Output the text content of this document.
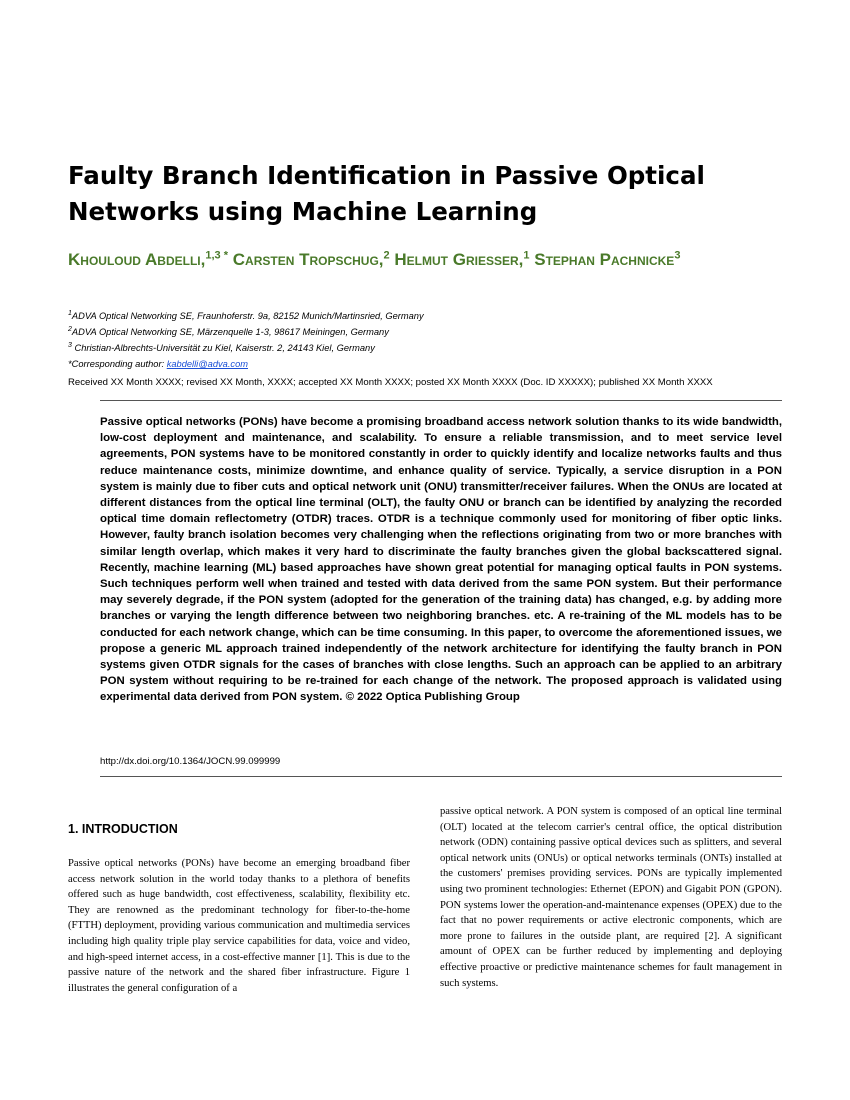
Faulty Branch Identification in Passive Optical Networks using Machine Learning
Khouloud Abdelli,$^{1,3 *}$ Carsten Tropschug,$^2$ Helmut Griesser,$^1$ Stephan Pachnicke$^3$
$^1$ADVA Optical Networking SE, Fraunhoferstr. 9a, 82152 Munich/Martinsried, Germany
$^2$ADVA Optical Networking SE, Märzenquelle 1-3, 98617 Meiningen, Germany
$^3$ Christian-Albrechts-Universität zu Kiel, Kaiserstr. 2, 24143 Kiel, Germany
*Corresponding author: kabdelli@adva.com
Received XX Month XXXX; revised XX Month, XXXX; accepted XX Month XXXX; posted XX Month XXXX (Doc. ID XXXXX); published XX Month XXXX
Passive optical networks (PONs) have become a promising broadband access network solution thanks to its wide bandwidth, low-cost deployment and maintenance, and scalability. To ensure a reliable transmission, and to meet service level agreements, PON systems have to be monitored constantly in order to quickly identify and localize networks faults and thus reduce maintenance costs, minimize downtime, and enhance quality of service. Typically, a service disruption in a PON system is mainly due to fiber cuts and optical network unit (ONU) transmitter/receiver failures. When the ONUs are located at different distances from the optical line terminal (OLT), the faulty ONU or branch can be identified by analyzing the recorded optical time domain reflectometry (OTDR) traces. OTDR is a technique commonly used for monitoring of fiber optic links. However, faulty branch isolation becomes very challenging when the reflections originating from two or more branches with similar length overlap, which makes it very hard to discriminate the faulty branches given the global backscattered signal. Recently, machine learning (ML) based approaches have shown great potential for managing optical faults in PON systems. Such techniques perform well when trained and tested with data derived from the same PON system. But their performance may severely degrade, if the PON system (adopted for the generation of the training data) has changed, e.g. by adding more branches or varying the length difference between two neighboring branches. etc. A re-training of the ML models has to be conducted for each network change, which can be time consuming. In this paper, to overcome the aforementioned issues, we propose a generic ML approach trained independently of the network architecture for identifying the faulty branch in PON systems given OTDR signals for the cases of branches with close lengths. Such an approach can be applied to an arbitrary PON system without requiring to be re-trained for each change of the network. The proposed approach is validated using experimental data derived from PON system. © 2022 Optica Publishing Group
http://dx.doi.org/10.1364/JOCN.99.099999
1. INTRODUCTION
Passive optical networks (PONs) have become an emerging broadband fiber access network solution in the world today thanks to a plethora of benefits offered such as huge bandwidth, cost effectiveness, scalability, flexibility etc. They are renowned as the predominant technology for fiber-to-the-home (FTTH) deployment, providing various communication and multimedia services including high quality triple play service capabilities for data, voice and video, and high-speed internet access, in a cost-effective manner [1]. This is due to the passive nature of the network and the shared fiber infrastructure. Figure 1 illustrates the general configuration of a
passive optical network. A PON system is composed of an optical line terminal (OLT) located at the telecom carrier's central office, the optical distribution network (ODN) containing passive optical devices such as splitters, and several optical network units (ONUs) or optical networks terminals (ONTs) installed at the customers' premises providing services. PONs are typically implemented using two prominent technologies: Ethernet (EPON) and Gigabit PON (GPON). PON systems lower the operation-and-maintenance expenses (OPEX) due to the fact that no power requirements or active electronic components, which are more prone to failures in the outside plant, are required [2]. A significant amount of OPEX can be further reduced by implementing and deploying effective proactive or predictive maintenance schemes for fault management in such systems.
